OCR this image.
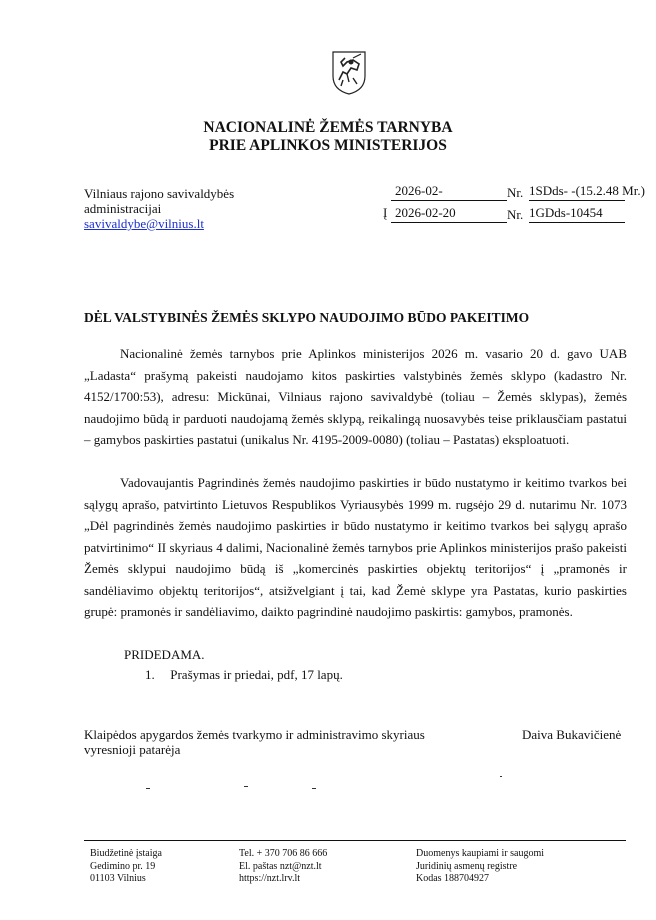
NACIONALINĖ ŽEMĖS TARNYBA
PRIE APLINKOS MINISTERIJOS
Vilniaus rajono savivaldybės
administracijai
savivaldybe@vilnius.lt
2026-02-	Nr. 1SDds- -(15.2.48 Mr.)
Į 2026-02-20	Nr. 1GDds-10454
DĖL VALSTYBINĖS ŽEMĖS SKLYPO NAUDOJIMO BŪDO PAKEITIMO
Nacionalinė žemės tarnybos prie Aplinkos ministerijos 2026 m. vasario 20 d. gavo UAB „Ladasta“ prašymą pakeisti naudojamo kitos paskirties valstybinės žemės sklypo (kadastro Nr. 4152/1700:53), adresu: Mickūnai, Vilniaus rajono savivaldybė (toliau – Žemės sklypas), žemės naudojimo būdą ir parduoti naudojamą žemės sklypą, reikalingą nuosavybės teise priklausčiam pastatui – gamybos paskirties pastatui (unikalus Nr. 4195-2009-0080) (toliau – Pastatas) eksploatuoti.
Vadovaujantis Pagrindinės žemės naudojimo paskirties ir būdo nustatymo ir keitimo tvarkos bei sąlygų aprašo, patvirtinto Lietuvos Respublikos Vyriausybės 1999 m. rugsėjo 29 d. nutarimu Nr. 1073 „Dėl pagrindinės žemės naudojimo paskirties ir būdo nustatymo ir keitimo tvarkos bei sąlygų aprašo patvirtinimo“ II skyriaus 4 dalimi, Nacionalinė žemės tarnybos prie Aplinkos ministerijos prašo pakeisti Žemės sklypui naudojimo būdą iš „komercinės paskirties objektų teritorijos“ į „pramonės ir sandėliavimo objektų teritorijos“, atsižvelgiant į tai, kad Žemė sklype yra Pastatas, kurio paskirties grupė: pramonės ir sandėliavimo, daikto pagrindinė naudojimo paskirtis: gamybos, pramonės.
PRIDEDAMA.
1. Prašymas ir priedai, pdf, 17 lapų.
Klaipėdos apygardos žemės tvarkymo ir administravimo skyriaus
vyresnioji patarėja
Daiva Bukavičienė
Biudžetinė įstaiga
Gedimino pr. 19
01103 Vilnius
Tel. + 370 706 86 666
El. paštas nzt@nzt.lt
https://nzt.lrv.lt
Duomenys kaupiami ir saugomi
Juridinių asmenų registre
Kodas 188704927
